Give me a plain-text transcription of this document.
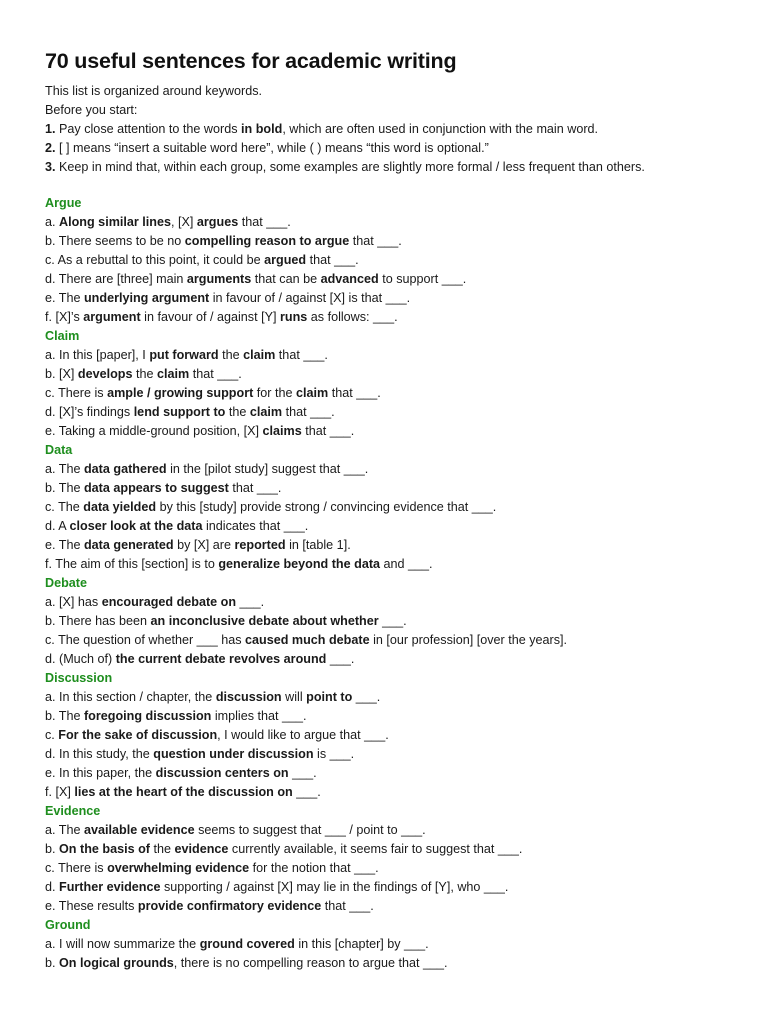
70 useful sentences for academic writing
This list is organized around keywords.
Before you start:
1. Pay close attention to the words in bold, which are often used in conjunction with the main word.
2. [ ] means “insert a suitable word here”, while ( ) means “this word is optional.”
3. Keep in mind that, within each group, some examples are slightly more formal / less frequent than others.
Argue
a. Along similar lines, [X] argues that ___.
b. There seems to be no compelling reason to argue that ___.
c. As a rebuttal to this point, it could be argued that ___.
d. There are [three] main arguments that can be advanced to support ___.
e. The underlying argument in favour of / against [X] is that ___.
f. [X]’s argument in favour of / against [Y] runs as follows: ___.
Claim
a. In this [paper], I put forward the claim that ___.
b. [X] develops the claim that ___.
c. There is ample / growing support for the claim that ___.
d. [X]’s findings lend support to the claim that ___.
e. Taking a middle-ground position, [X] claims that ___.
Data
a. The data gathered in the [pilot study] suggest that ___.
b. The data appears to suggest that ___.
c. The data yielded by this [study] provide strong / convincing evidence that ___.
d. A closer look at the data indicates that ___.
e. The data generated by [X] are reported in [table 1].
f. The aim of this [section] is to generalize beyond the data and ___.
Debate
a. [X] has encouraged debate on ___.
b. There has been an inconclusive debate about whether ___.
c. The question of whether ___ has caused much debate in [our profession] [over the years].
d. (Much of) the current debate revolves around ___.
Discussion
a. In this section / chapter, the discussion will point to ___.
b. The foregoing discussion implies that ___.
c. For the sake of discussion, I would like to argue that ___.
d. In this study, the question under discussion is ___.
e. In this paper, the discussion centers on ___.
f. [X] lies at the heart of the discussion on ___.
Evidence
a. The available evidence seems to suggest that ___ / point to ___.
b. On the basis of the evidence currently available, it seems fair to suggest that ___.
c. There is overwhelming evidence for the notion that ___.
d. Further evidence supporting / against [X] may lie in the findings of [Y], who ___.
e. These results provide confirmatory evidence that ___.
Ground
a. I will now summarize the ground covered in this [chapter] by ___.
b. On logical grounds, there is no compelling reason to argue that ___.
